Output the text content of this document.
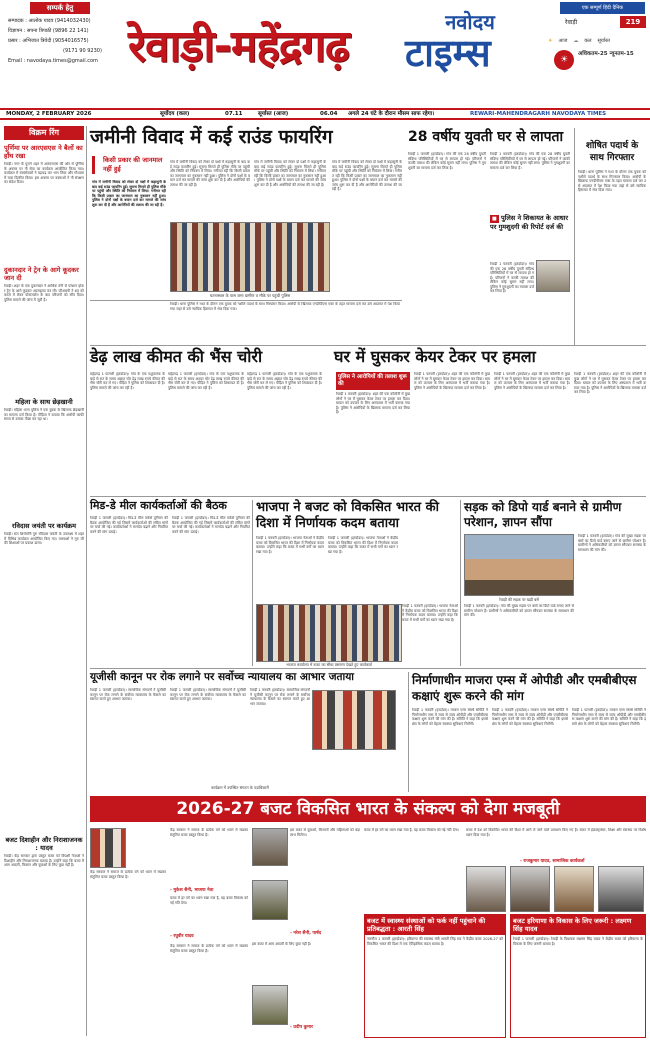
सम्पर्क हेतु
सम्पादक : आलोक यादव (9414032430)
विज्ञापन : सपना त्रिपाठी (9896 22 141)
प्रसार : अभिजात त्रिवेदी (9054016575)
(9171 90 9230)
Email : navodaya.times@gmail.com रेवाड़ी-महेंद्रगढ़	नवोदय
टाइम्स
एक सम्पूर्ण हिंदी दैनिक
रेवाड़ी	219
☀ आज ☁ कल सूर्यास्त
☀
अधिकतम-25 न्यूनतम-15
MONDAY, 2 FEBRUARY 2026	सूर्योदय (कल)	07.11	सूर्यास्त (आज)	06.04 अगले 24 घंटे के दौरान मौसम साफ रहेगा।	REWARI-MAHENDRAGARH NAVODAYA TIMES
विक्रम रिंग
पूर्णिमा पर आरएसएस ने बैलों का हाँथ रखा
रेवाड़ी। नगर के पुराने शहर में आरएसएस की ओर से पूर्णिमा के अवसर पर गौ सेवा का कार्यक्रम आयोजित किया गया। कार्यक्रम में स्वयंसेवकों ने बढ़चढ़ कर भाग लिया और गौशाला में चारा वितरित किया। इस अवसर पर वक्ताओं ने गौ संरक्षण का संदेश दिया।
दुकानदार ने ट्रेन के आगे कूदकर जान दी
रेवाड़ी। शहर के एक दुकानदार ने आर्थिक तंगी से परेशान होकर ट्रेन के आगे कूदकर आत्महत्या कर ली। जीआरपी ने शव को कब्जे में लेकर पोस्टमार्टम के बाद परिजनों को सौंप दिया। पुलिस मामले की जांच में जुटी है।
महिला के साथ छेड़खानी
रेवाड़ी। महिला थाना पुलिस ने एक युवक के खिलाफ छेड़खानी का मामला दर्ज किया है। पीड़िता ने बताया कि आरोपी काफी समय से उसका पीछा कर रहा था।
रविदास जयंती पर कार्यक्रम
रेवाड़ी। संत शिरोमणि गुरु रविदास जयंती के उपलक्ष्य में शहर में विभिन्न कार्यक्रम आयोजित किए गए। वक्ताओं ने गुरु जी की शिक्षाओं पर प्रकाश डाला।
बजट दिशाहीन और निराशाजनक : यादव
रेवाड़ी। केंद्र सरकार द्वारा प्रस्तुत बजट को विपक्षी नेताओं ने दिशाहीन और निराशाजनक बताया है। उन्होंने कहा कि बजट में आम आदमी, किसान और युवाओं के लिए कुछ नहीं है।
जमीनी विवाद में कई राउंड फायरिंग
किसी प्रकार की जानमाल नहीं हुई
गांव में जमीनी विवाद को लेकर दो पक्षों में कहासुनी के बाद कई राउंड फायरिंग हुई। सूचना मिलते ही पुलिस मौके पर पहुंची और स्थिति को नियंत्रण में लिया। गनीमत रही कि किसी प्रकार का जानमाल का नुकसान नहीं हुआ। पुलिस ने दोनों पक्षों के बयान दर्ज कर मामले की जांच शुरू कर दी है और आरोपियों की तलाश की जा रही है।
गांव में जमीनी विवाद को लेकर दो पक्षों में कहासुनी के बाद कई राउंड फायरिंग हुई। सूचना मिलते ही पुलिस मौके पर पहुंची और स्थिति को नियंत्रण में लिया। गनीमत रही कि किसी प्रकार का जानमाल का नुकसान नहीं हुआ। पुलिस ने दोनों पक्षों के बयान दर्ज कर मामले की जांच शुरू कर दी है और आरोपियों की तलाश की जा रही है।
गांव में जमीनी विवाद को लेकर दो पक्षों में कहासुनी के बाद कई राउंड फायरिंग हुई। सूचना मिलते ही पुलिस मौके पर पहुंची और स्थिति को नियंत्रण में लिया। गनीमत रही कि किसी प्रकार का जानमाल का नुकसान नहीं हुआ। पुलिस ने दोनों पक्षों के बयान दर्ज कर मामले की जांच शुरू कर दी है और आरोपियों की तलाश की जा रही है।
घटनास्थल के पास जमा ग्रामीण व मौके पर पहुंची पुलिस
गांव में जमीनी विवाद को लेकर दो पक्षों में कहासुनी के बाद कई राउंड फायरिंग हुई। सूचना मिलते ही पुलिस मौके पर पहुंची और स्थिति को नियंत्रण में लिया। गनीमत रही कि किसी प्रकार का जानमाल का नुकसान नहीं हुआ। पुलिस ने दोनों पक्षों के बयान दर्ज कर मामले की जांच शुरू कर दी है और आरोपियों की तलाश की जा रही है।
रेवाड़ी। थाना पुलिस ने गश्त के दौरान एक युवक को नशीले पदार्थ के साथ गिरफ्तार किया। आरोपी के खिलाफ एनडीपीएस एक्ट के तहत मामला दर्ज कर उसे अदालत में पेश किया गया जहां से उसे न्यायिक हिरासत में भेज दिया गया।
28 वर्षीय युवती घर से लापता
रेवाड़ी 1 फरवरी (हरदोडर)। गांव की एक 28 वर्षीय युवती संदिग्ध परिस्थितियों में घर से लापता हो गई। परिजनों ने काफी तलाश की लेकिन कोई सुराग नहीं लगा। पुलिस ने गुमशुदगी का मामला दर्ज कर लिया है।
रेवाड़ी 1 फरवरी (हरदोडर)। गांव की एक 28 वर्षीय युवती संदिग्ध परिस्थितियों में घर से लापता हो गई। परिजनों ने काफी तलाश की लेकिन कोई सुराग नहीं लगा। पुलिस ने गुमशुदगी का मामला दर्ज कर लिया है।
■ पुलिस ने शिकायत के आधार पर गुमशुदगी की रिपोर्ट दर्ज की
रेवाड़ी 1 फरवरी (हरदोडर)। गांव की एक 28 वर्षीय युवती संदिग्ध परिस्थितियों में घर से लापता हो गई। परिजनों ने काफी तलाश की लेकिन कोई सुराग नहीं लगा। पुलिस ने गुमशुदगी का मामला दर्ज कर लिया है।
शोषित पदार्थ के साथ गिरफ्तार
रेवाड़ी। थाना पुलिस ने गश्त के दौरान एक युवक को नशीले पदार्थ के साथ गिरफ्तार किया। आरोपी के खिलाफ एनडीपीएस एक्ट के तहत मामला दर्ज कर उसे अदालत में पेश किया गया जहां से उसे न्यायिक हिरासत में भेज दिया गया।
डेढ़ लाख कीमत की भैंस चोरी
महेंद्रगढ़ 1 फरवरी (हरदोडर)। गांव के एक पशुपालक के बाड़े से रात के समय अज्ञात चोर डेढ़ लाख रुपये कीमत की भैंस चोरी कर ले गए। पीड़ित ने पुलिस को शिकायत दी है। पुलिस मामले की जांच कर रही है।
महेंद्रगढ़ 1 फरवरी (हरदोडर)। गांव के एक पशुपालक के बाड़े से रात के समय अज्ञात चोर डेढ़ लाख रुपये कीमत की भैंस चोरी कर ले गए। पीड़ित ने पुलिस को शिकायत दी है। पुलिस मामले की जांच कर रही है।
महेंद्रगढ़ 1 फरवरी (हरदोडर)। गांव के एक पशुपालक के बाड़े से रात के समय अज्ञात चोर डेढ़ लाख रुपये कीमत की भैंस चोरी कर ले गए। पीड़ित ने पुलिस को शिकायत दी है। पुलिस मामले की जांच कर रही है।
घर में घुसकर केयर टेकर पर हमला
पुलिस ने आरोपियों की तलाश शुरू की
रेवाड़ी 1 फरवरी (हरदोडर)। शहर की एक कॉलोनी में कुछ लोगों ने घर में घुसकर केयर टेकर पर हमला कर दिया। घायल को उपचार के लिए अस्पताल में भर्ती कराया गया है। पुलिस ने आरोपियों के खिलाफ मामला दर्ज कर लिया है।
रेवाड़ी 1 फरवरी (हरदोडर)। शहर की एक कॉलोनी में कुछ लोगों ने घर में घुसकर केयर टेकर पर हमला कर दिया। घायल को उपचार के लिए अस्पताल में भर्ती कराया गया है। पुलिस ने आरोपियों के खिलाफ मामला दर्ज कर लिया है।
रेवाड़ी 1 फरवरी (हरदोडर)। शहर की एक कॉलोनी में कुछ लोगों ने घर में घुसकर केयर टेकर पर हमला कर दिया। घायल को उपचार के लिए अस्पताल में भर्ती कराया गया है। पुलिस ने आरोपियों के खिलाफ मामला दर्ज कर लिया है।
रेवाड़ी 1 फरवरी (हरदोडर)। शहर की एक कॉलोनी में कुछ लोगों ने घर में घुसकर केयर टेकर पर हमला कर दिया। घायल को उपचार के लिए अस्पताल में भर्ती कराया गया है। पुलिस ने आरोपियों के खिलाफ मामला दर्ज कर लिया है।
मिड-डे मील कार्यकर्ताओं की बैठक
रेवाड़ी 1 फरवरी (हरदोडर)। मिड-डे मील वर्कर्स यूनियन की बैठक आयोजित की गई जिसमें कार्यकर्ताओं की लंबित मांगों पर चर्चा की गई। कार्यकर्ताओं ने मानदेय बढ़ाने और नियमित करने की मांग उठाई।
रेवाड़ी 1 फरवरी (हरदोडर)। मिड-डे मील वर्कर्स यूनियन की बैठक आयोजित की गई जिसमें कार्यकर्ताओं की लंबित मांगों पर चर्चा की गई। कार्यकर्ताओं ने मानदेय बढ़ाने और नियमित करने की मांग उठाई।
भाजपा ने बजट को विकसित भारत की दिशा में निर्णायक कदम बताया
रेवाड़ी 1 फरवरी (हरदोडर)। भाजपा नेताओं ने केंद्रीय बजट को विकसित भारत की दिशा में निर्णायक कदम बताया। उन्होंने कहा कि बजट में सभी वर्गों का ध्यान रखा गया है।
रेवाड़ी 1 फरवरी (हरदोडर)। भाजपा नेताओं ने केंद्रीय बजट को विकसित भारत की दिशा में निर्णायक कदम बताया। उन्होंने कहा कि बजट में सभी वर्गों का ध्यान रखा गया है।
भाजपा कार्यालय में बजट का सीधा प्रसारण देखते हुए कार्यकर्ता
सड़क को डिपो यार्ड बनाने से ग्रामीण परेशान, ज्ञापन सौंपा
रेवाड़ी की सड़क पर खड़ी बसें
रेवाड़ी 1 फरवरी (हरदोडर)। गांव की मुख्य सड़क पर बसों का डिपो यार्ड बनाए जाने से ग्रामीण परेशान हैं। ग्रामीणों ने अधिकारियों को ज्ञापन सौंपकर समस्या के समाधान की मांग की।
रेवाड़ी 1 फरवरी (हरदोडर)। गांव की मुख्य सड़क पर बसों का डिपो यार्ड बनाए जाने से ग्रामीण परेशान हैं। ग्रामीणों ने अधिकारियों को ज्ञापन सौंपकर समस्या के समाधान की मांग की।
रेवाड़ी 1 फरवरी (हरदोडर)। भाजपा नेताओं ने केंद्रीय बजट को विकसित भारत की दिशा में निर्णायक कदम बताया। उन्होंने कहा कि बजट में सभी वर्गों का ध्यान रखा गया है।
यूजीसी कानून पर रोक लगाने पर सर्वोच्च न्यायालय का आभार जताया
रेवाड़ी 1 फरवरी (हरदोडर)। सामाजिक संगठनों ने यूजीसी कानून पर रोक लगाने के सर्वोच्च न्यायालय के फैसले का स्वागत करते हुए आभार जताया।
रेवाड़ी 1 फरवरी (हरदोडर)। सामाजिक संगठनों ने यूजीसी कानून पर रोक लगाने के सर्वोच्च न्यायालय के फैसले का स्वागत करते हुए आभार जताया।
रेवाड़ी 1 फरवरी (हरदोडर)। सामाजिक संगठनों ने यूजीसी कानून पर रोक लगाने के सर्वोच्च न्यायालय के फैसले का स्वागत करते हुए आभार जताया।
कार्यक्रम में उपस्थित संगठन के पदाधिकारी
निर्माणाधीन माजरा एम्स में ओपीडी और एमबीबीएस कक्षाएं शुरू करने की मांग
रेवाड़ी 1 फरवरी (हरदोडर)। माजरा एम्स संघर्ष समिति ने निर्माणाधीन एम्स में जल्द से जल्द ओपीडी और एमबीबीएस कक्षाएं शुरू करने की मांग की है। समिति ने कहा कि इससे क्षेत्र के लोगों को बेहतर स्वास्थ्य सुविधाएं मिलेंगी।
रेवाड़ी 1 फरवरी (हरदोडर)। माजरा एम्स संघर्ष समिति ने निर्माणाधीन एम्स में जल्द से जल्द ओपीडी और एमबीबीएस कक्षाएं शुरू करने की मांग की है। समिति ने कहा कि इससे क्षेत्र के लोगों को बेहतर स्वास्थ्य सुविधाएं मिलेंगी।
रेवाड़ी 1 फरवरी (हरदोडर)। माजरा एम्स संघर्ष समिति ने निर्माणाधीन एम्स में जल्द से जल्द ओपीडी और एमबीबीएस कक्षाएं शुरू करने की मांग की है। समिति ने कहा कि इससे क्षेत्र के लोगों को बेहतर स्वास्थ्य सुविधाएं मिलेंगी।
2026-27 बजट विकसित भारत के संकल्प को देगा मजबूती
केंद्र सरकार ने समाज के प्रत्येक वर्ग को ध्यान में रखकर संतुलित बजट प्रस्तुत किया है।
केंद्र सरकार ने समाज के प्रत्येक वर्ग को ध्यान में रखकर संतुलित बजट प्रस्तुत किया है।
- मुकेश सैनी, भाजपा नेता
बजट में हर वर्ग का ध्यान रखा गया है, यह बजट विकास को नई गति देगा।
- रघुवीर यादव
केंद्र सरकार ने समाज के प्रत्येक वर्ग को ध्यान में रखकर संतुलित बजट प्रस्तुत किया है।
इस बजट से युवाओं, किसानों और महिलाओं को बड़ा लाभ मिलेगा।
- नरेश सैनी, पार्षद
इस बजट में आम आदमी के लिए कुछ नहीं है।
- प्रदीप कुमार
बजट में हर वर्ग का ध्यान रखा गया है, यह बजट विकास को नई गति देगा।	बजट में देश को विकसित भारत की दिशा में आगे ले जाने वाले प्रावधान किए गए हैं। बजट में इंफ्रास्ट्रक्चर, शिक्षा और स्वास्थ्य पर विशेष ध्यान दिया गया है।
- राजकुमार यादव, सामाजिक कार्यकर्ता
बजट में स्वास्थ्य संस्थाओं को फर्क नहीं पहुंचाने की प्रतिबद्धता : आरती सिंह
नारनौल 1 फरवरी (हरदोडर)। हरियाणा की स्वास्थ्य मंत्री आरती सिंह राव ने केंद्रीय बजट 2026-27 को विकसित भारत की दिशा में एक ऐतिहासिक कदम बताया है।
बजट हरियाणा के विकास के लिए जरूरी : लक्ष्मण सिंह यादव
रेवाड़ी 1 फरवरी (हरदोडर)। रेवाड़ी के विधायक लक्ष्मण सिंह यादव ने केंद्रीय बजट को हरियाणा के विकास के लिए जरूरी बताया है।
